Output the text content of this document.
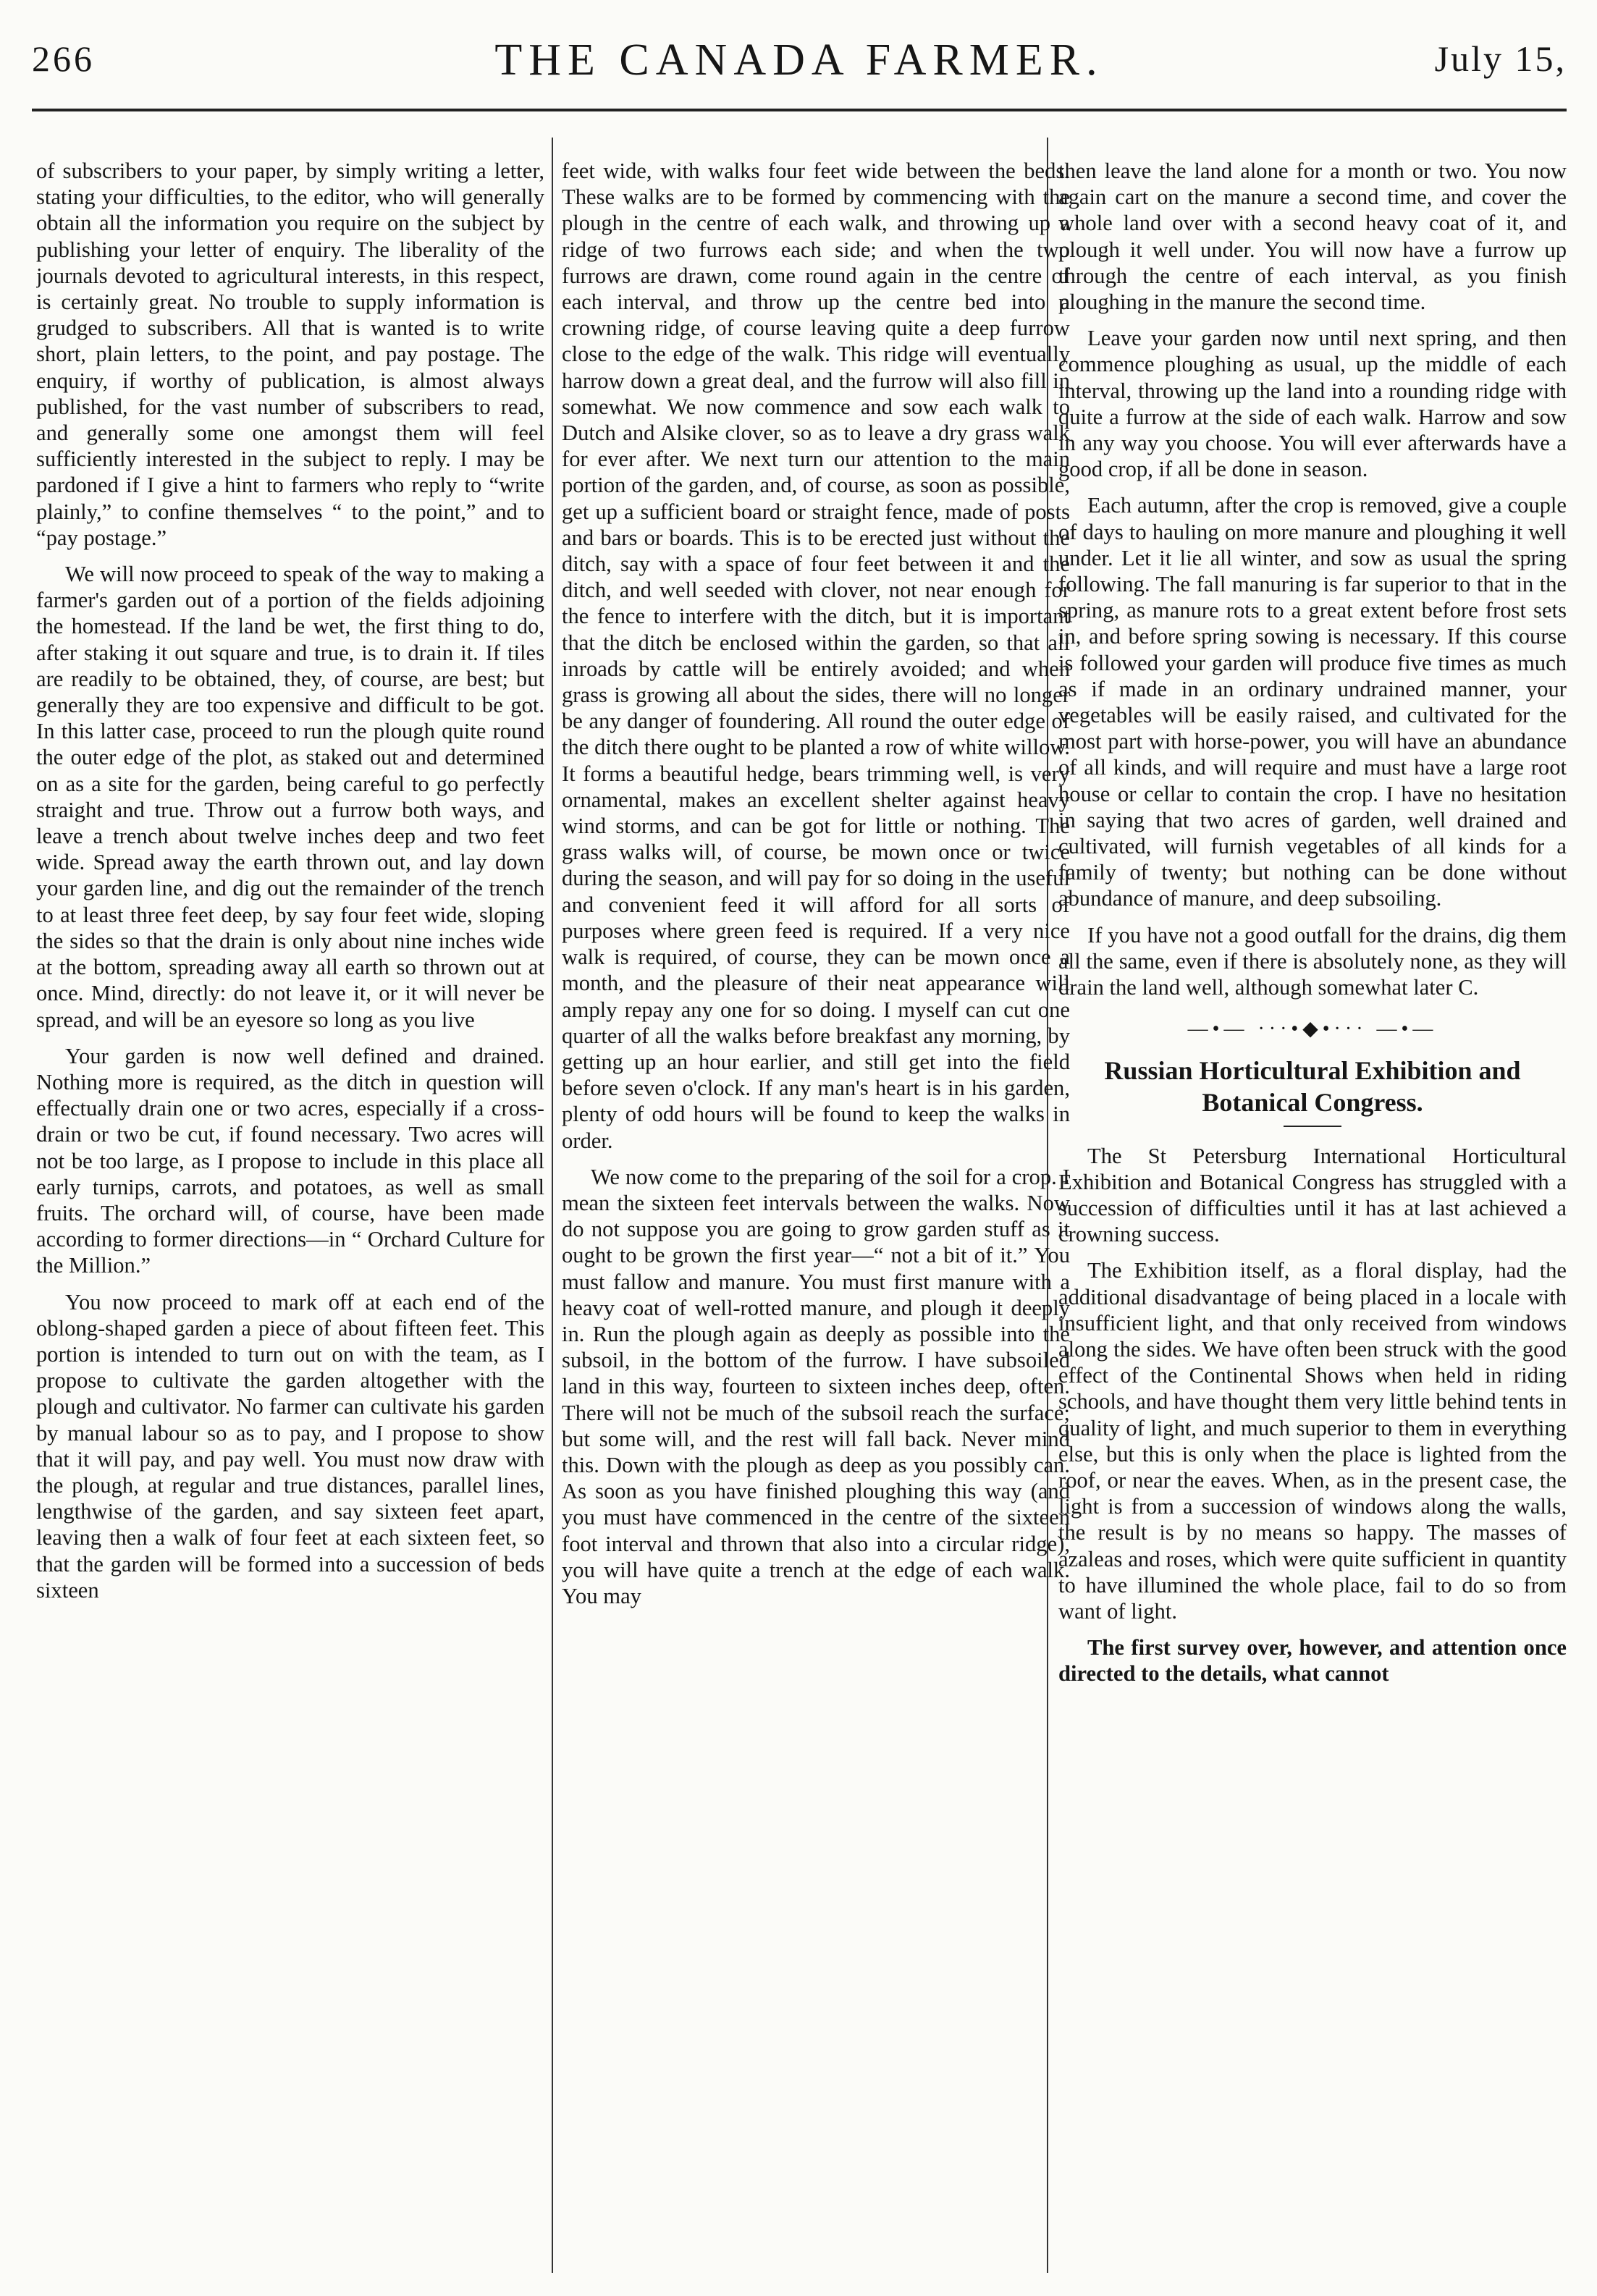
266	THE CANADA FARMER.	July 15,

of subscribers to your paper, by simply writing a letter, stating your difficulties, to the editor, who will generally obtain all the information you require on the subject by publishing your letter of enquiry. The liberality of the journals devoted to agricultural interests, in this respect, is certainly great. No trouble to supply information is grudged to subscribers. All that is wanted is to write short, plain letters, to the point, and pay postage. The enquiry, if worthy of publication, is almost always published, for the vast number of subscribers to read, and generally some one amongst them will feel sufficiently interested in the subject to reply. I may be pardoned if I give a hint to farmers who reply to “write plainly,” to confine themselves “ to the point,” and to “pay postage.”

We will now proceed to speak of the way to making a farmer's garden out of a portion of the fields adjoining the homestead. If the land be wet, the first thing to do, after staking it out square and true, is to drain it. If tiles are readily to be obtained, they, of course, are best; but generally they are too expensive and difficult to be got. In this latter case, proceed to run the plough quite round the outer edge of the plot, as staked out and determined on as a site for the garden, being careful to go perfectly straight and true. Throw out a furrow both ways, and leave a trench about twelve inches deep and two feet wide. Spread away the earth thrown out, and lay down your garden line, and dig out the remainder of the trench to at least three feet deep, by say four feet wide, sloping the sides so that the drain is only about nine inches wide at the bottom, spreading away all earth so thrown out at once. Mind, directly: do not leave it, or it will never be spread, and will be an eyesore so long as you live

Your garden is now well defined and drained. Nothing more is required, as the ditch in question will effectually drain one or two acres, especially if a cross-drain or two be cut, if found necessary. Two acres will not be too large, as I propose to include in this place all early turnips, carrots, and potatoes, as well as small fruits. The orchard will, of course, have been made according to former directions—in “ Orchard Culture for the Million.”

You now proceed to mark off at each end of the oblong-shaped garden a piece of about fifteen feet. This portion is intended to turn out on with the team, as I propose to cultivate the garden altogether with the plough and cultivator. No farmer can cultivate his garden by manual labour so as to pay, and I propose to show that it will pay, and pay well. You must now draw with the plough, at regular and true distances, parallel lines, lengthwise of the garden, and say sixteen feet apart, leaving then a walk of four feet at each sixteen feet, so that the garden will be formed into a succession of beds sixteen

feet wide, with walks four feet wide between the beds. These walks are to be formed by commencing with the plough in the centre of each walk, and throwing up a ridge of two furrows each side; and when the two furrows are drawn, come round again in the centre of each interval, and throw up the centre bed into a crowning ridge, of course leaving quite a deep furrow close to the edge of the walk. This ridge will eventually harrow down a great deal, and the furrow will also fill in somewhat. We now commence and sow each walk to Dutch and Alsike clover, so as to leave a dry grass walk for ever after. We next turn our attention to the main portion of the garden, and, of course, as soon as possible, get up a sufficient board or straight fence, made of posts and bars or boards. This is to be erected just without the ditch, say with a space of four feet between it and the ditch, and well seeded with clover, not near enough for the fence to interfere with the ditch, but it is important that the ditch be enclosed within the garden, so that all inroads by cattle will be entirely avoided; and when grass is growing all about the sides, there will no longer be any danger of foundering. All round the outer edge of the ditch there ought to be planted a row of white willow. It forms a beautiful hedge, bears trimming well, is very ornamental, makes an excellent shelter against heavy wind storms, and can be got for little or nothing. The grass walks will, of course, be mown once or twice during the season, and will pay for so doing in the useful and convenient feed it will afford for all sorts of purposes where green feed is required. If a very nice walk is required, of course, they can be mown once a month, and the pleasure of their neat appearance will amply repay any one for so doing. I myself can cut one quarter of all the walks before breakfast any morning, by getting up an hour earlier, and still get into the field before seven o'clock. If any man's heart is in his garden, plenty of odd hours will be found to keep the walks in order.

We now come to the preparing of the soil for a crop. I mean the sixteen feet intervals between the walks. Now do not suppose you are going to grow garden stuff as it ought to be grown the first year—“ not a bit of it.” You must fallow and manure. You must first manure with a heavy coat of well-rotted manure, and plough it deeply in. Run the plough again as deeply as possible into the subsoil, in the bottom of the furrow. I have subsoiled land in this way, fourteen to sixteen inches deep, often. There will not be much of the subsoil reach the surface; but some will, and the rest will fall back. Never mind this. Down with the plough as deep as you possibly can. As soon as you have finished ploughing this way (and you must have commenced in the centre of the sixteen foot interval and thrown that also into a circular ridge), you will have quite a trench at the edge of each walk. You may

then leave the land alone for a month or two. You now again cart on the manure a second time, and cover the whole land over with a second heavy coat of it, and plough it well under. You will now have a furrow up through the centre of each interval, as you finish ploughing in the manure the second time.

Leave your garden now until next spring, and then commence ploughing as usual, up the middle of each interval, throwing up the land into a rounding ridge with quite a furrow at the side of each walk. Harrow and sow in any way you choose. You will ever afterwards have a good crop, if all be done in season.

Each autumn, after the crop is removed, give a couple of days to hauling on more manure and ploughing it well under. Let it lie all winter, and sow as usual the spring following. The fall manuring is far superior to that in the spring, as manure rots to a great extent before frost sets in, and before spring sowing is necessary. If this course is followed your garden will produce five times as much as if made in an ordinary undrained manner, your vegetables will be easily raised, and cultivated for the most part with horse-power, you will have an abundance of all kinds, and will require and must have a large root house or cellar to contain the crop. I have no hesitation in saying that two acres of garden, well drained and cultivated, will furnish vegetables of all kinds for a family of twenty; but nothing can be done without abundance of manure, and deep subsoiling.

If you have not a good outfall for the drains, dig them all the same, even if there is absolutely none, as they will drain the land well, although somewhat later C.

—•— ···•◆•··· —•—
Russian Horticultural Exhibition and Botanical Congress.

The St Petersburg International Horticultural Exhibition and Botanical Congress has struggled with a succession of difficulties until it has at last achieved a crowning success.

The Exhibition itself, as a floral display, had the additional disadvantage of being placed in a locale with insufficient light, and that only received from windows along the sides. We have often been struck with the good effect of the Continental Shows when held in riding schools, and have thought them very little behind tents in quality of light, and much superior to them in everything else, but this is only when the place is lighted from the roof, or near the eaves. When, as in the present case, the light is from a succession of windows along the walls, the result is by no means so happy. The masses of azaleas and roses, which were quite sufficient in quantity to have illumined the whole place, fail to do so from want of light.

The first survey over, however, and attention once directed to the details, what cannot
